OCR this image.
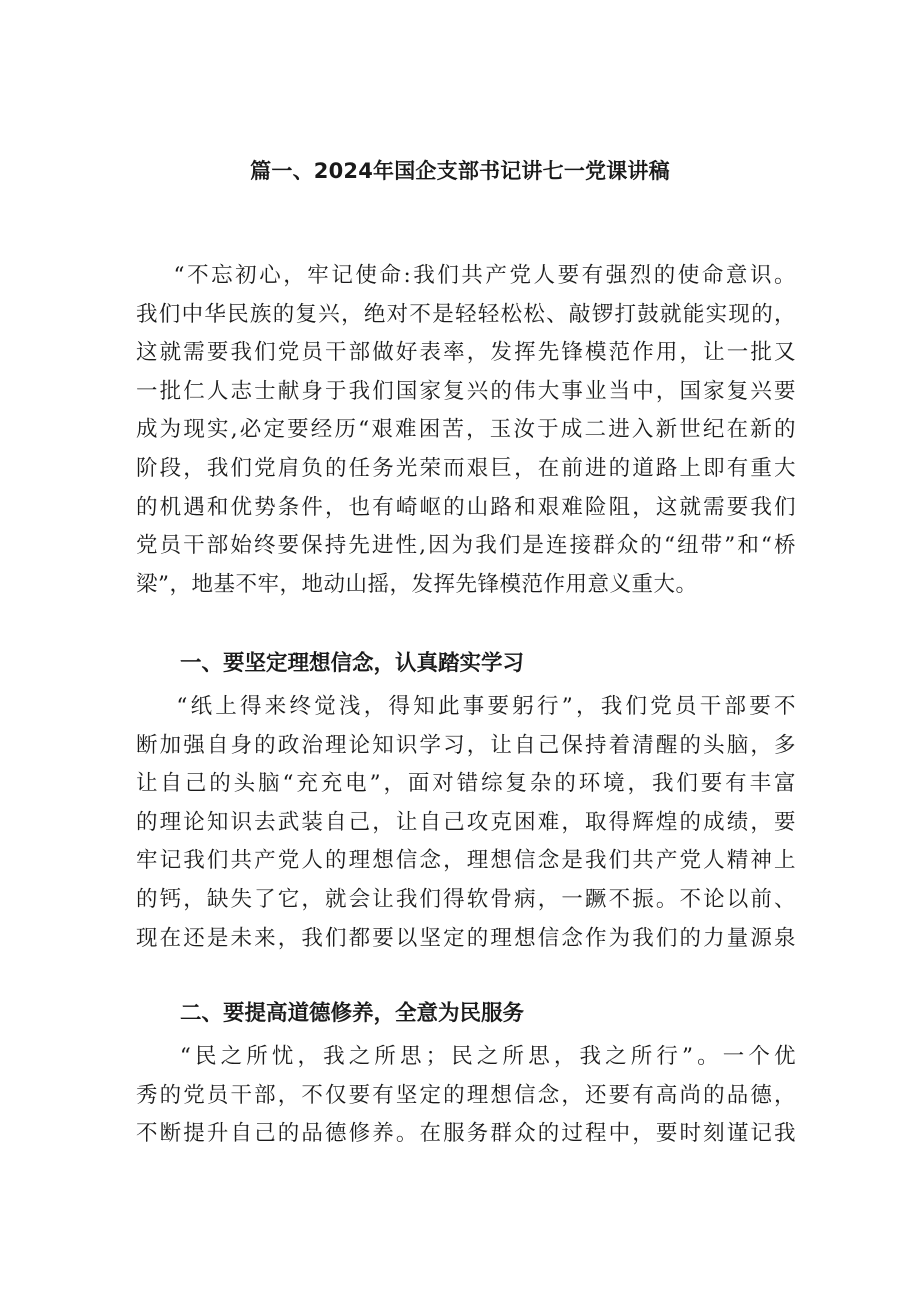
篇一、2024年国企支部书记讲七一党课讲稿
“不忘初心，牢记使命:我们共产党人要有强烈的使命意识。
我们中华民族的复兴，绝对不是轻轻松松、敲锣打鼓就能实现的，
这就需要我们党员干部做好表率，发挥先锋模范作用，让一批又
一批仁人志士献身于我们国家复兴的伟大事业当中，国家复兴要
成为现实,必定要经历“艰难困苦，玉汝于成二进入新世纪在新的
阶段，我们党肩负的任务光荣而艰巨，在前进的道路上即有重大
的机遇和优势条件，也有崎岖的山路和艰难险阻，这就需要我们
党员干部始终要保持先进性,因为我们是连接群众的“纽带”和“桥
梁”，地基不牢，地动山摇，发挥先锋模范作用意义重大。
一、要坚定理想信念，认真踏实学习
“纸上得来终觉浅，得知此事要躬行”，我们党员干部要不
断加强自身的政治理论知识学习，让自己保持着清醒的头脑，多
让自己的头脑“充充电”，面对错综复杂的环境，我们要有丰富
的理论知识去武装自己，让自己攻克困难，取得辉煌的成绩，要
牢记我们共产党人的理想信念，理想信念是我们共产党人精神上
的钙，缺失了它，就会让我们得软骨病，一蹶不振。不论以前、
现在还是未来，我们都要以坚定的理想信念作为我们的力量源泉
二、要提高道德修养，全意为民服务
“民之所忧，我之所思；民之所思，我之所行”。一个优
秀的党员干部，不仅要有坚定的理想信念，还要有高尚的品德，
不断提升自己的品德修养。在服务群众的过程中，要时刻谨记我
